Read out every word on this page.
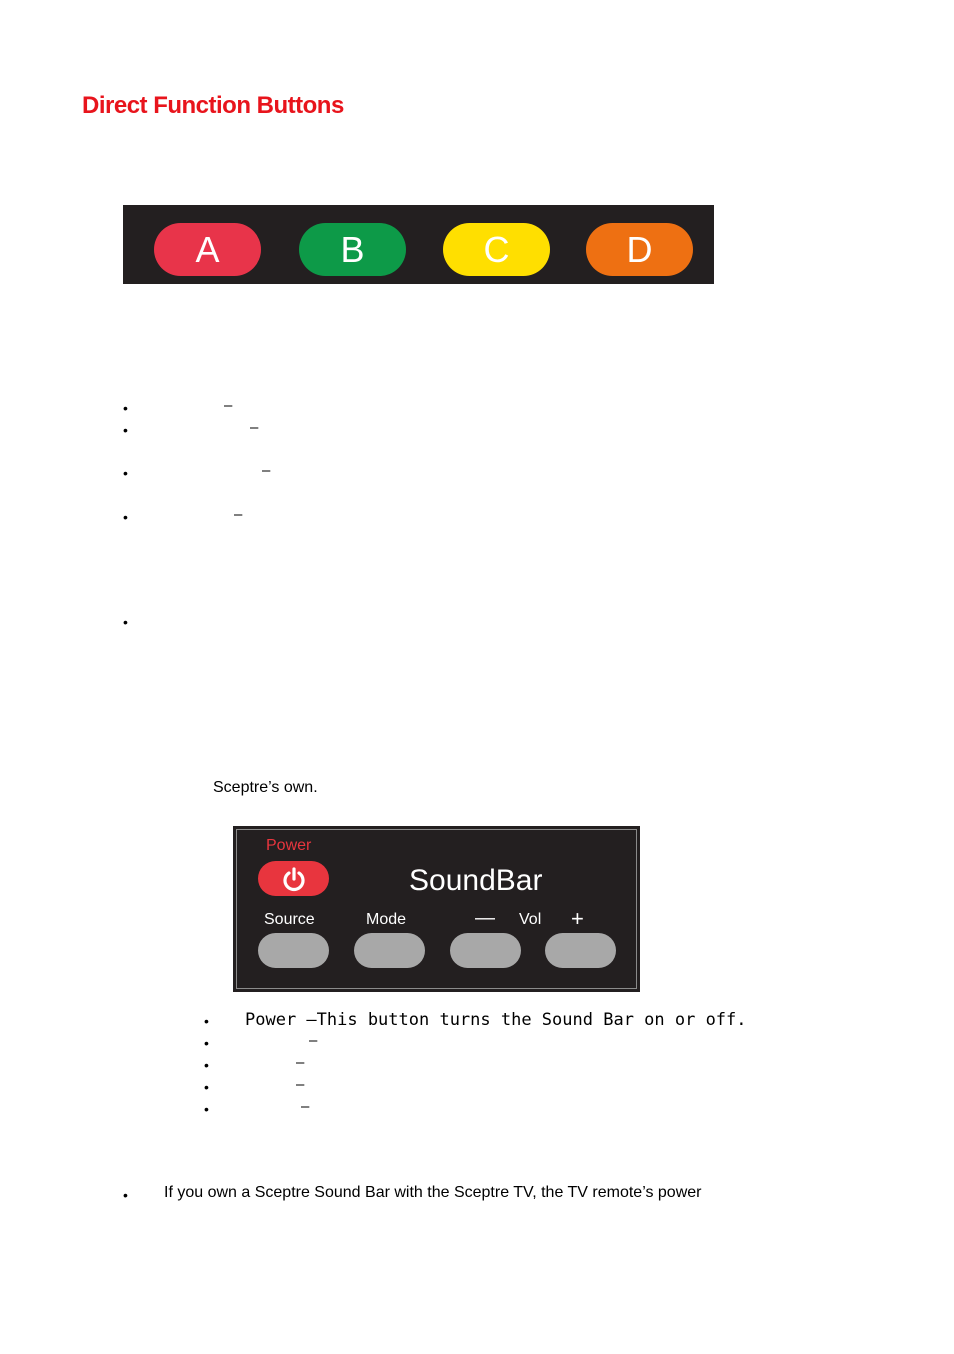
Direct Function Buttons
A	B	C	D
•	–
•	–
•	–
•	–
•
Sceptre’s own.
Power
SoundBar
Source	Mode	— Vol +
• Power –This button turns the Sound Bar on or off.
•	–
•	–
•	–
•	–
• If you own a Sceptre Sound Bar with the Sceptre TV, the TV remote’s power
